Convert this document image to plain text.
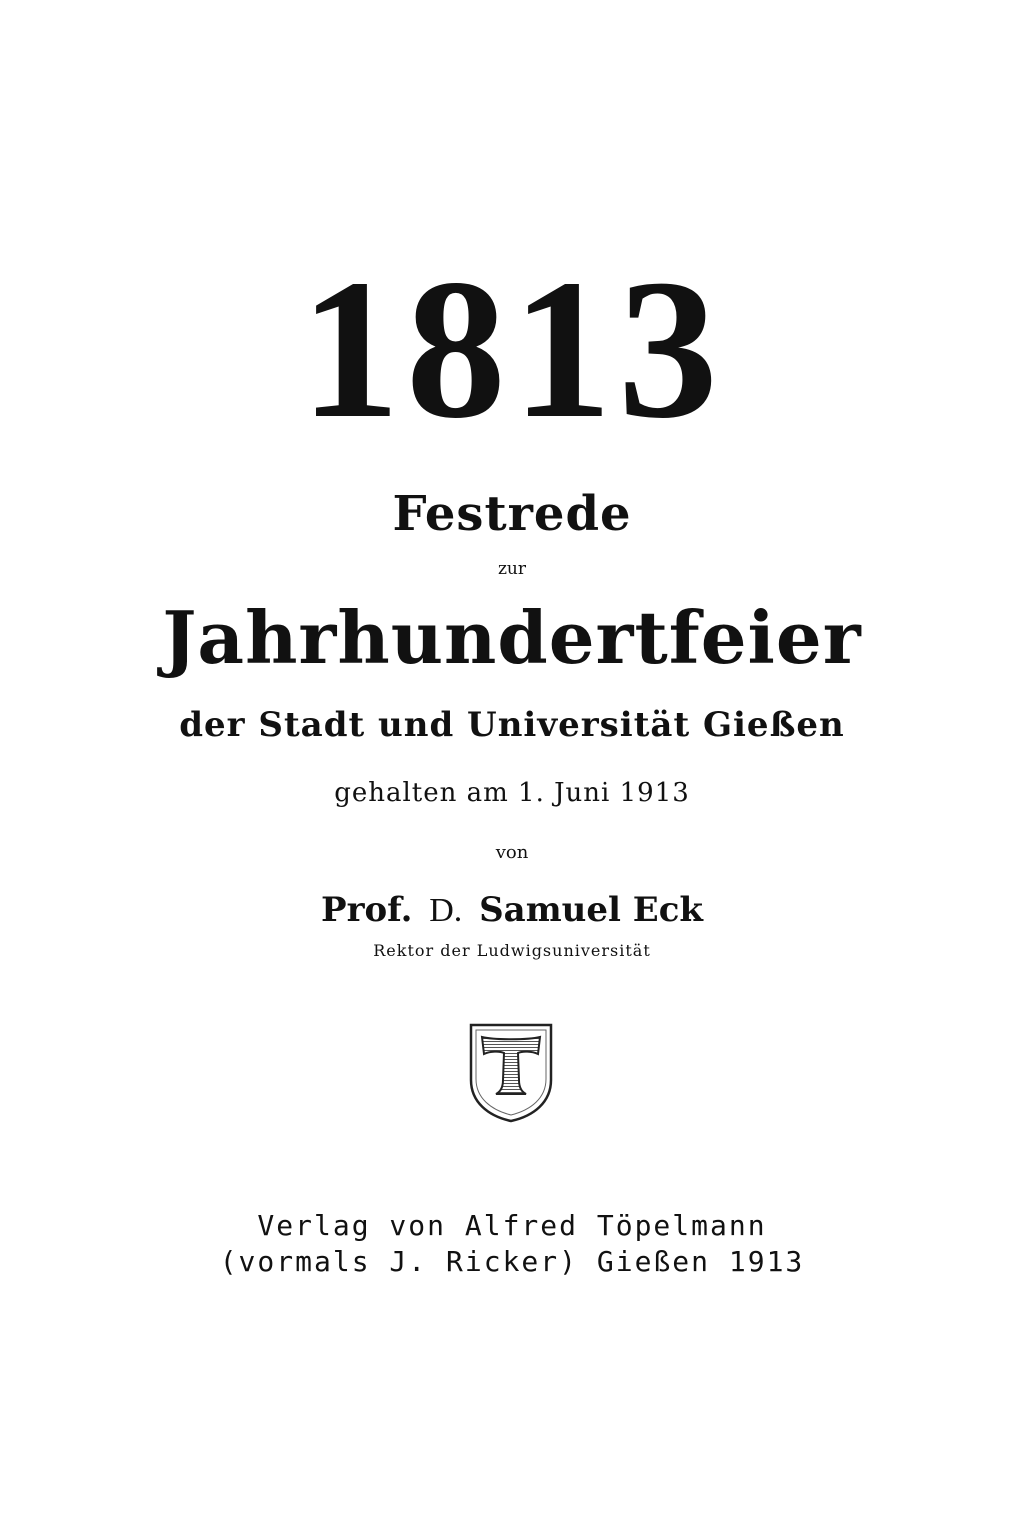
1813
Festrede
zur
Jahrhundertfeier
der Stadt und Universität Gießen
gehalten am 1. Juni 1913
von
Prof. D. Samuel Eck
Rektor der Ludwigsuniversität
Verlag von Alfred Töpelmann
(vormals J. Ricker) Gießen 1913
